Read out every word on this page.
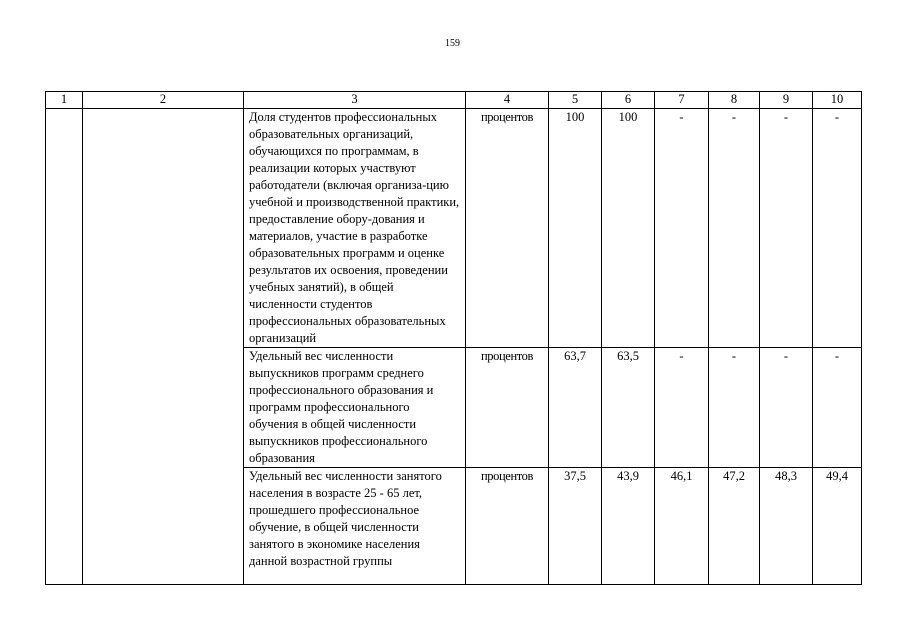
159
1	2	3	4	5	6	7	8	9	10
		Доля студентов профессиональных образовательных организаций, обучающихся по программам, в реализации которых участвуют работодатели (включая организа-цию учебной и производственной практики, предоставление обору-дования и материалов, участие в разработке образовательных программ и оценке результатов их освоения, проведении учебных занятий), в общей численности студентов профессиональных образовательных организаций	процентов	100	100	-	-	-	-
		Удельный вес численности выпускников программ среднего профессионального образования и программ профессионального обучения в общей численности выпускников профессионального образования	процентов	63,7	63,5	-	-	-	-
		Удельный вес численности занятого населения в возрасте 25 - 65 лет, прошедшего профессиональное обучение, в общей численности занятого в экономике населения данной возрастной группы	процентов	37,5	43,9	46,1	47,2	48,3	49,4
